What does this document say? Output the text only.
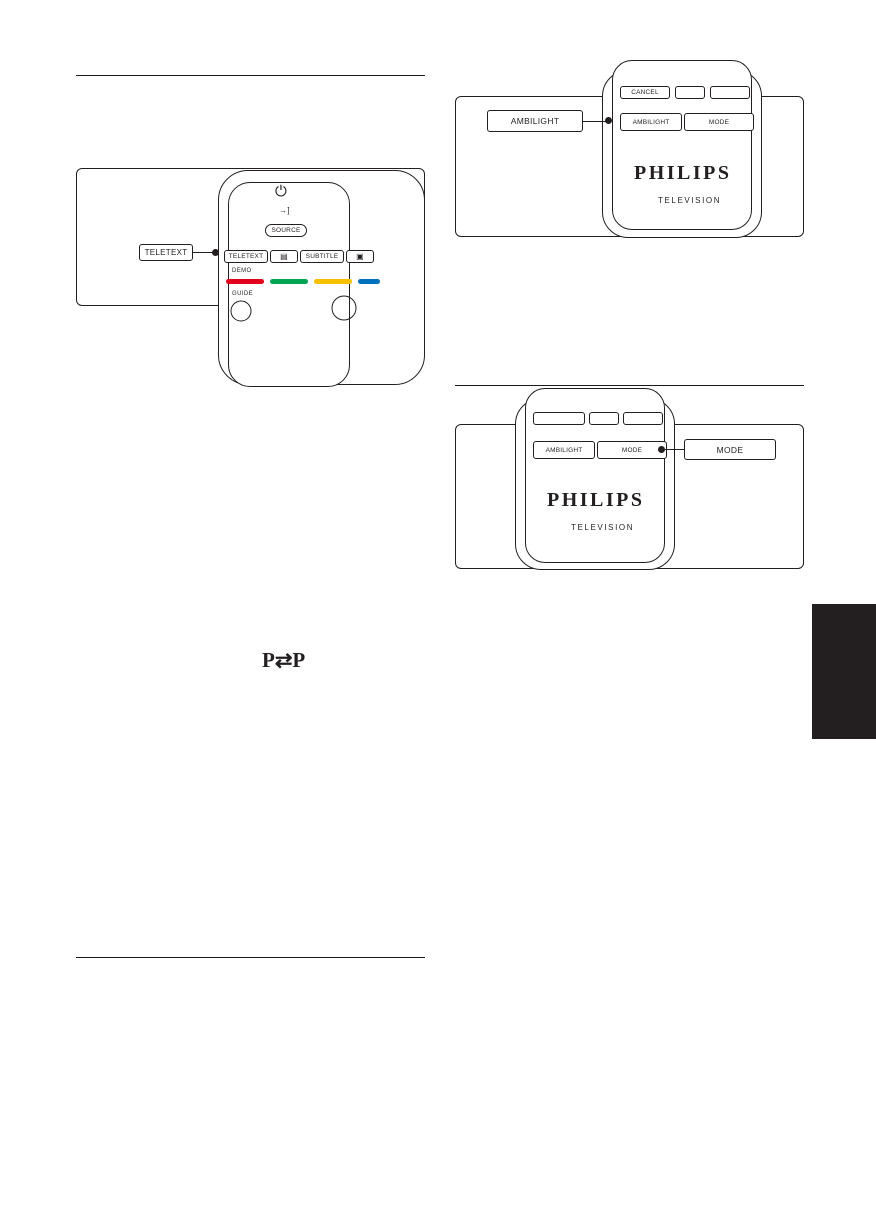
⏻
→]
SOURCE
TELETEXT ▤	SUBTITLE ▣
DEMO
GUIDE
TELETEXT
P⇄P
CANCEL
AMBILIGHT	MODE
PHILIPS
TELEVISION
AMBILIGHT
AMBILIGHT	MODE
PHILIPS
TELEVISION
MODE
